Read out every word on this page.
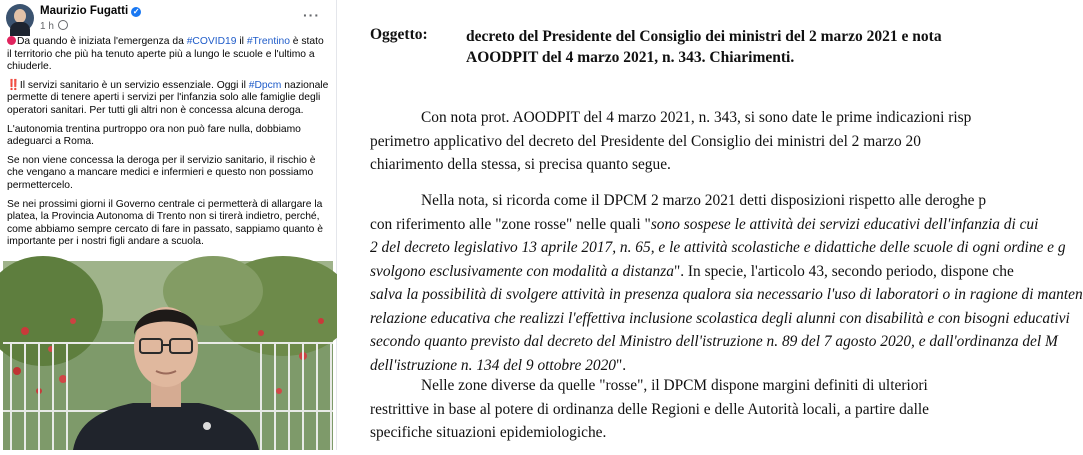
Maurizio Fugatti ✓
1 h
···

Da quando è iniziata l'emergenza da #COVID19 il #Trentino è stato il territorio che più ha tenuto aperte più a lungo le scuole e l'ultimo a chiuderle.

‼️Il servizi sanitario è un servizio essenziale. Oggi il #Dpcm nazionale permette di tenere aperti i servizi per l'infanzia solo alle famiglie degli operatori sanitari. Per tutti gli altri non è concessa alcuna deroga.

L'autonomia trentina purtroppo ora non può fare nulla, dobbiamo adeguarci a Roma.

Se non viene concessa la deroga per il servizio sanitario, il rischio è che vengano a mancare medici e infermieri e questo non possiamo permettercelo.

Se nei prossimi giorni il Governo centrale ci permetterà di allargare la platea, la Provincia Autonoma di Trento non si tirerà indietro, perché, come abbiamo sempre cercato di fare in passato, sappiamo quanto è importante per i nostri figli andare a scuola.

Oggetto: decreto del Presidente del Consiglio dei ministri del 2 marzo 2021 e nota
AOODPIT del 4 marzo 2021, n. 343. Chiarimenti.
Con nota prot. AOODPIT del 4 marzo 2021, n. 343, si sono date le prime indicazioni risp
perimetro applicativo del decreto del Presidente del Consiglio dei ministri del 2 marzo 20
chiarimento della stessa, si precisa quanto segue.
Nella nota, si ricorda come il DPCM 2 marzo 2021 detti disposizioni rispetto alle deroghe p
con riferimento alle "zone rosse" nelle quali "sono sospese le attività dei servizi educativi dell'infanzia di cui
2 del decreto legislativo 13 aprile 2017, n. 65, e le attività scolastiche e didattiche delle scuole di ogni ordine e g
svolgono esclusivamente con modalità a distanza". In specie, l'articolo 43, secondo periodo, dispone che
salva la possibilità di svolgere attività in presenza qualora sia necessario l'uso di laboratori o in ragione di manten
relazione educativa che realizzi l'effettiva inclusione scolastica degli alunni con disabilità e con bisogni educativi
secondo quanto previsto dal decreto del Ministro dell'istruzione n. 89 del 7 agosto 2020, e dall'ordinanza del M
dell'istruzione n. 134 del 9 ottobre 2020".
Nelle zone diverse da quelle "rosse", il DPCM dispone margini definiti di ulteriori
restrittive in base al potere di ordinanza delle Regioni e delle Autorità locali, a partire dalle
specifiche situazioni epidemiologiche.
